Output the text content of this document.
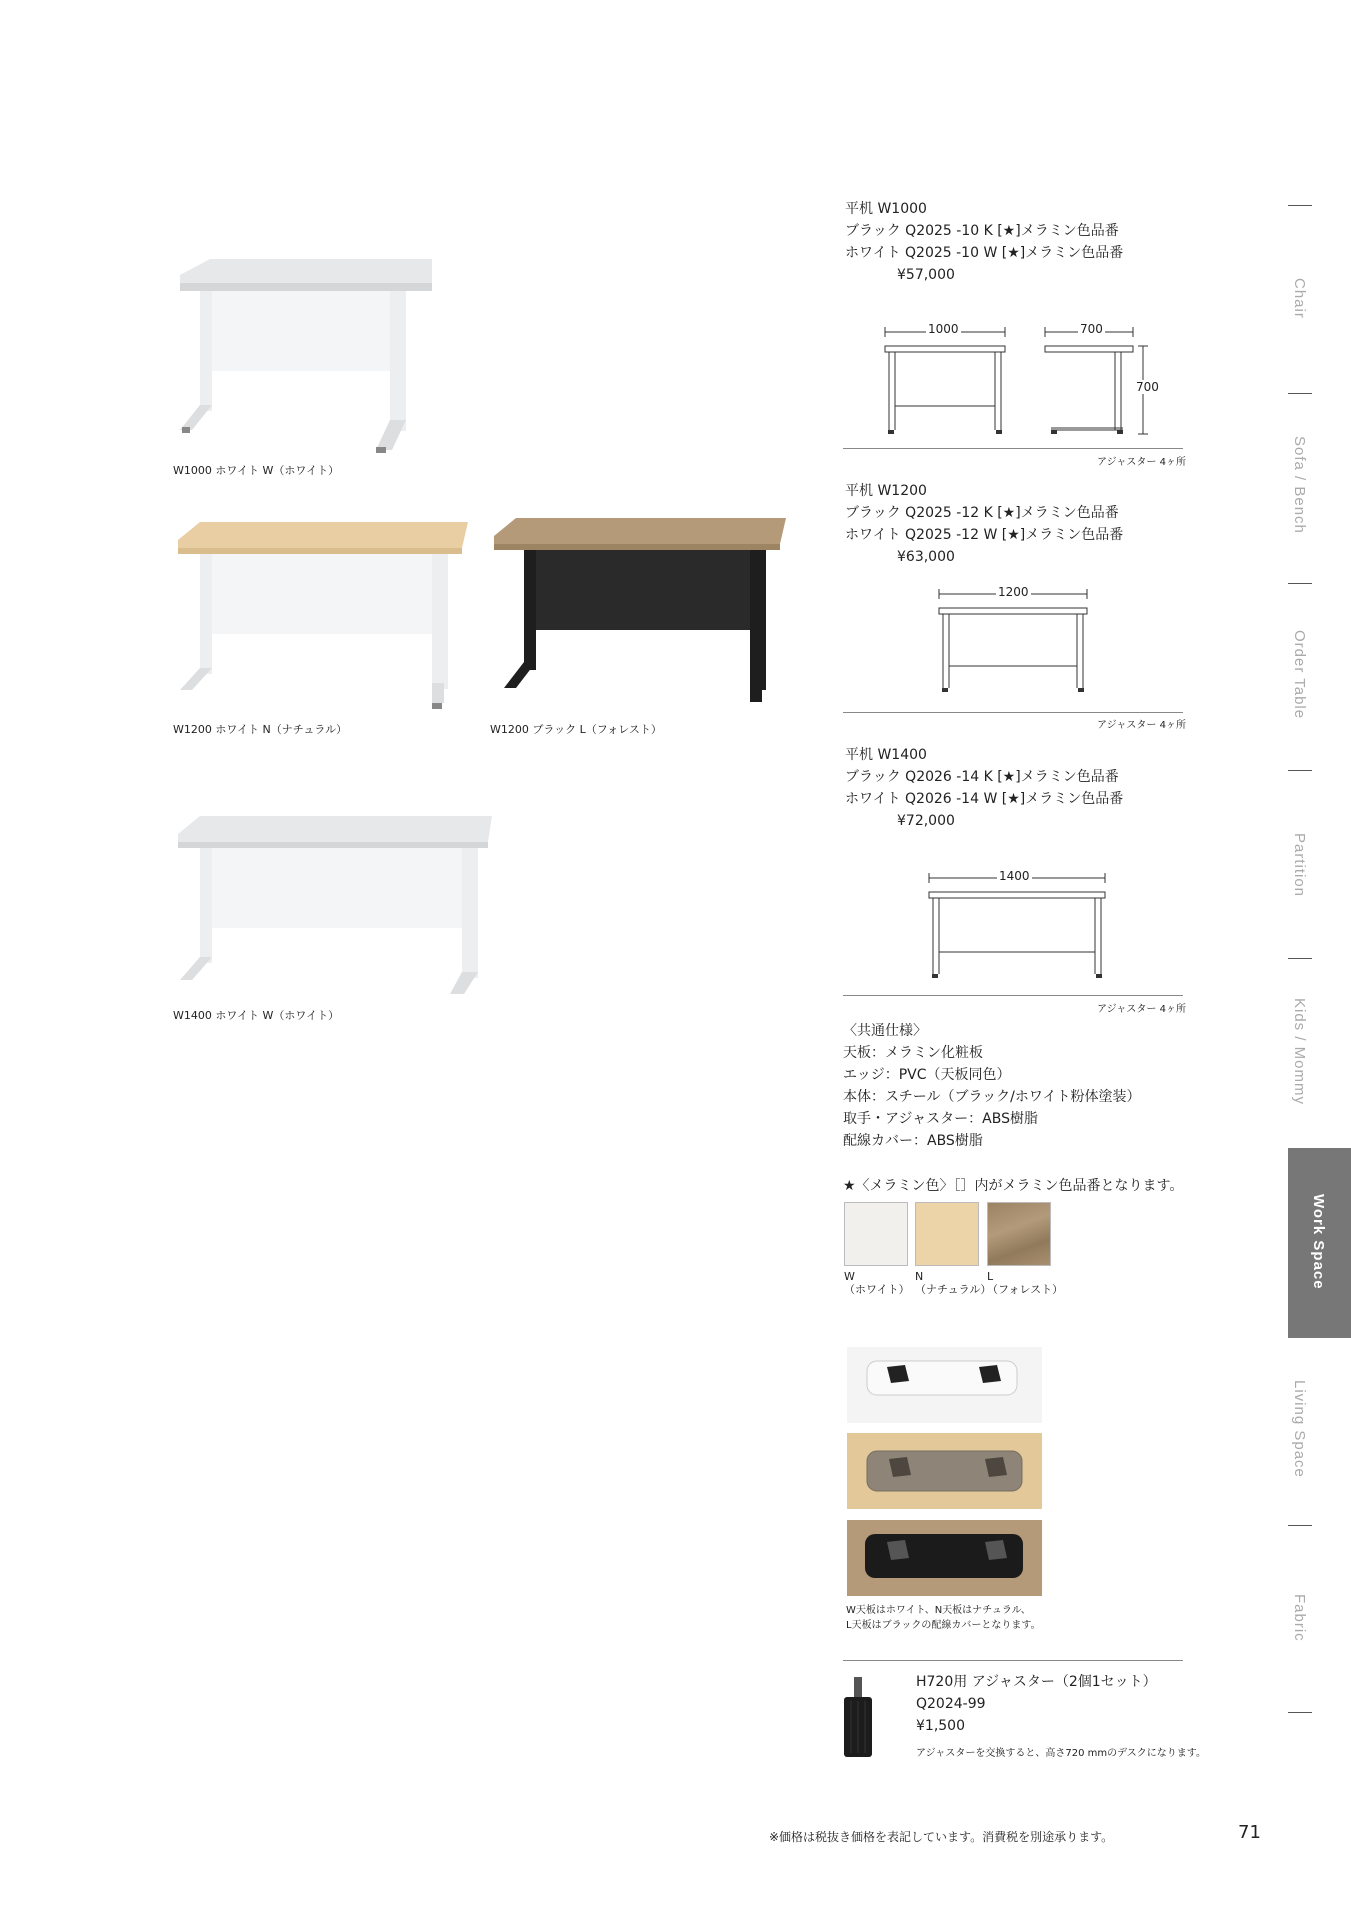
W1000 ホワイト W（ホワイト）
W1200 ホワイト N（ナチュラル）	W1200 ブラック L（フォレスト）
W1400 ホワイト W（ホワイト）
平机 W1000
ブラック Q2025 -10 K [★]メラミン色品番
ホワイト Q2025 -10 W [★]メラミン色品番
¥57,000
1000	700
700
アジャスター 4ヶ所
平机 W1200
ブラック Q2025 -12 K [★]メラミン色品番
ホワイト Q2025 -12 W [★]メラミン色品番
¥63,000
1200
アジャスター 4ヶ所
平机 W1400
ブラック Q2026 -14 K [★]メラミン色品番
ホワイト Q2026 -14 W [★]メラミン色品番
¥72,000
1400
アジャスター 4ヶ所
〈共通仕様〉
天板：メラミン化粧板
エッジ：PVC（天板同色）
本体：スチール（ブラック/ホワイト粉体塗装）
取手・アジャスター：ABS樹脂
配線カバー：ABS樹脂
★〈メラミン色〉［］内がメラミン色品番となります。
W
（ホワイト）
N
（ナチュラル）
L
（フォレスト）
W天板はホワイト、N天板はナチュラル、
L天板はブラックの配線カバーとなります。
H720用 アジャスター（2個1セット）
Q2024-99
¥1,500
アジャスターを交換すると、高さ720 mmのデスクになります。
※価格は税抜き価格を表記しています。消費税を別途承ります。	71
Chair
Sofa / Bench
Order Table
Partition
Kids / Mommy
Work Space
Living Space
Fabric
